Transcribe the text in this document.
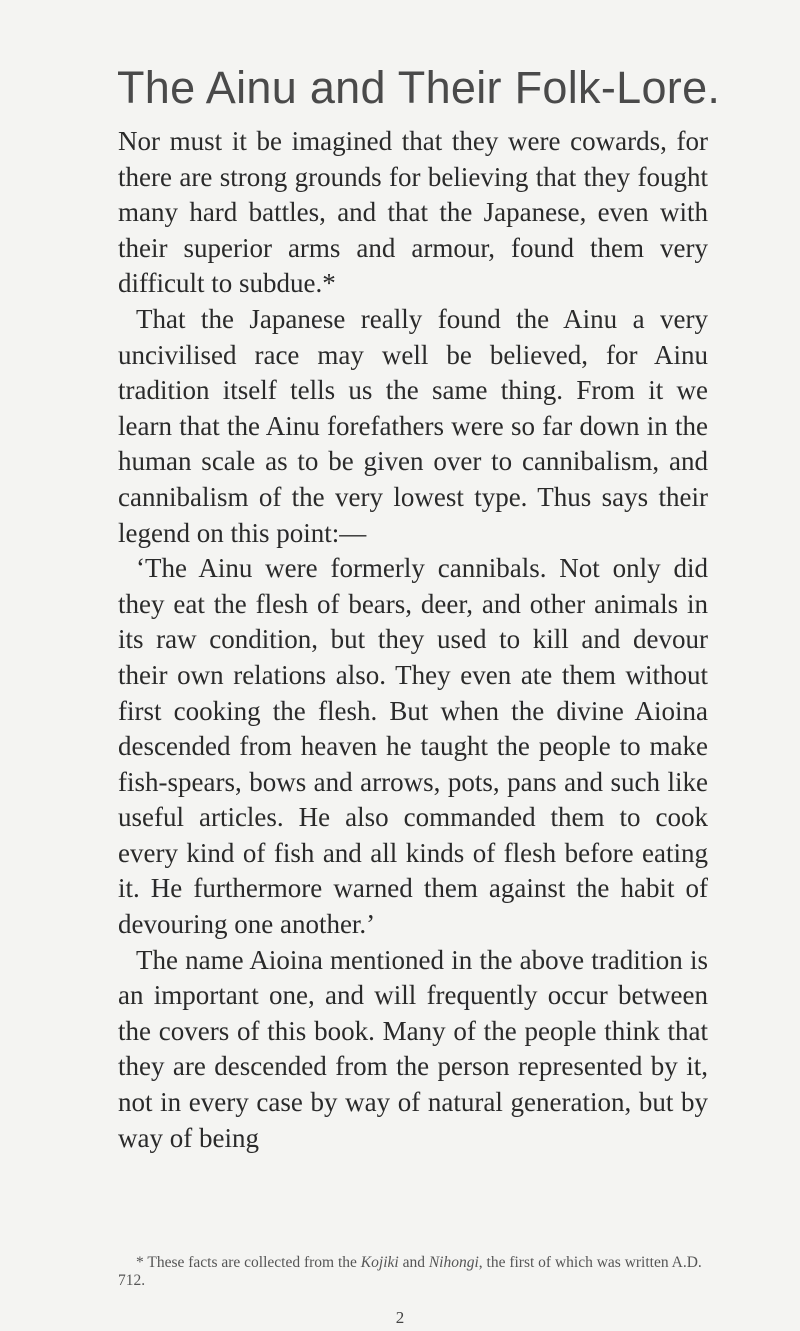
The Ainu and Their Folk-Lore.

Nor must it be imagined that they were cowards, for there are strong grounds for believing that they fought many hard battles, and that the Japanese, even with their superior arms and armour, found them very difficult to subdue.*

That the Japanese really found the Ainu a very uncivilised race may well be believed, for Ainu tradition itself tells us the same thing. From it we learn that the Ainu forefathers were so far down in the human scale as to be given over to cannibalism, and cannibalism of the very lowest type. Thus says their legend on this point:—

‘The Ainu were formerly cannibals. Not only did they eat the flesh of bears, deer, and other animals in its raw condition, but they used to kill and devour their own relations also. They even ate them without first cooking the flesh. But when the divine Aioina descended from heaven he taught the people to make fish-spears, bows and arrows, pots, pans and such like useful articles. He also commanded them to cook every kind of fish and all kinds of flesh before eating it. He furthermore warned them against the habit of devouring one another.’

The name Aioina mentioned in the above tradition is an important one, and will frequently occur between the covers of this book. Many of the people think that they are descended from the person represented by it, not in every case by way of natural generation, but by way of being

* These facts are collected from the Kojiki and Nihongi, the first of which was written A.D. 712.
2
